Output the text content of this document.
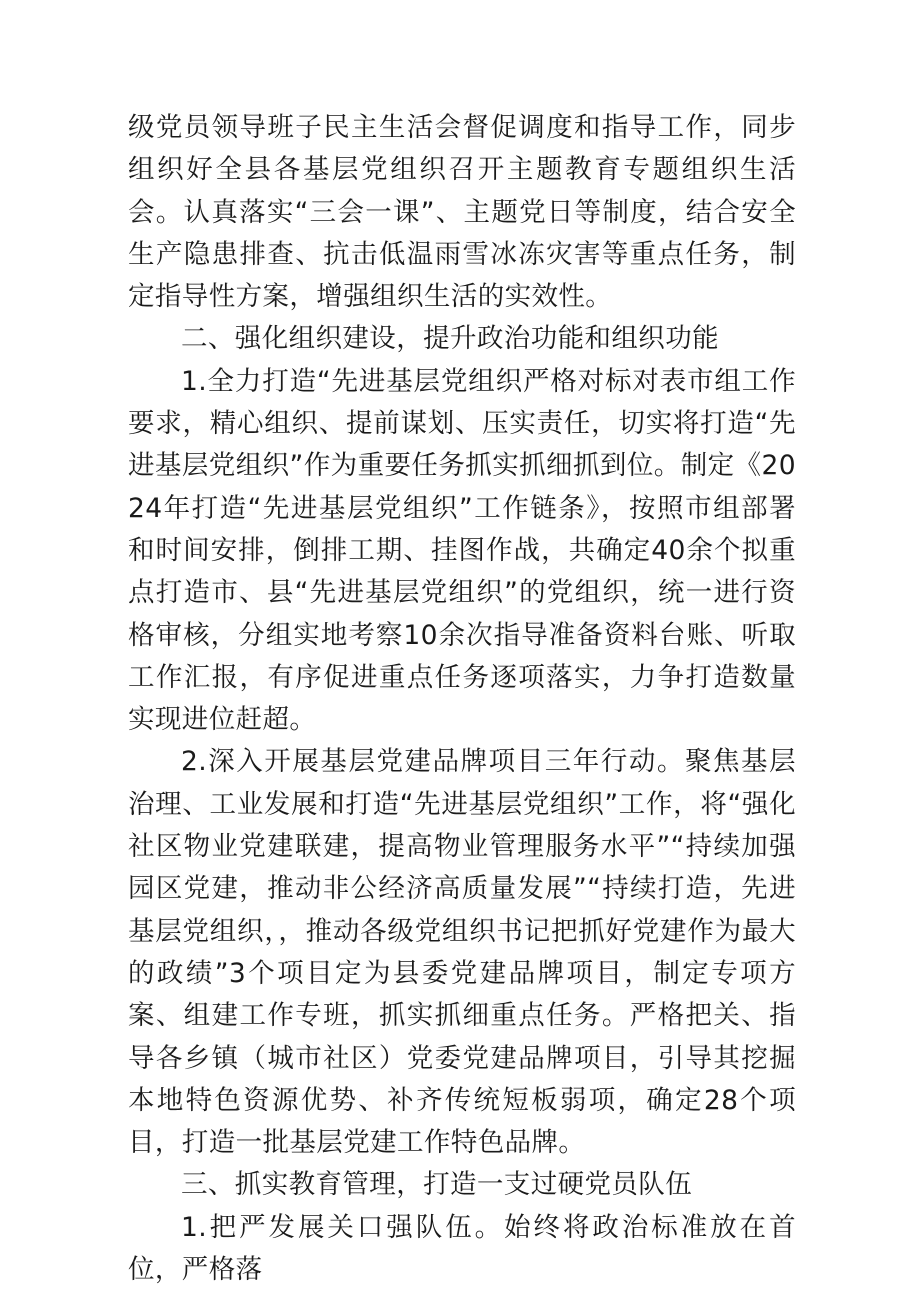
级党员领导班子民主生活会督促调度和指导工作，同步组织好全县各基层党组织召开主题教育专题组织生活会。认真落实“三会一课”、主题党日等制度，结合安全生产隐患排查、抗击低温雨雪冰冻灾害等重点任务，制定指导性方案，增强组织生活的实效性。

二、强化组织建设，提升政治功能和组织功能

1.全力打造“先进基层党组织严格对标对表市组工作要求，精心组织、提前谋划、压实责任，切实将打造“先进基层党组织”作为重要任务抓实抓细抓到位。制定《2024年打造“先进基层党组织”工作链条》，按照市组部署和时间安排，倒排工期、挂图作战，共确定40余个拟重点打造市、县“先进基层党组织”的党组织，统一进行资格审核，分组实地考察10余次指导准备资料台账、听取工作汇报，有序促进重点任务逐项落实，力争打造数量实现进位赶超。

2.深入开展基层党建品牌项目三年行动。聚焦基层治理、工业发展和打造“先进基层党组织”工作，将“强化社区物业党建联建，提高物业管理服务水平”“持续加强园区党建，推动非公经济高质量发展”“持续打造，先进基层党组织，，推动各级党组织书记把抓好党建作为最大的政绩”3个项目定为县委党建品牌项目，制定专项方案、组建工作专班，抓实抓细重点任务。严格把关、指导各乡镇（城市社区）党委党建品牌项目，引导其挖掘本地特色资源优势、补齐传统短板弱项，确定28个项目，打造一批基层党建工作特色品牌。

三、抓实教育管理，打造一支过硬党员队伍

1.把严发展关口强队伍。始终将政治标准放在首位，严格落
